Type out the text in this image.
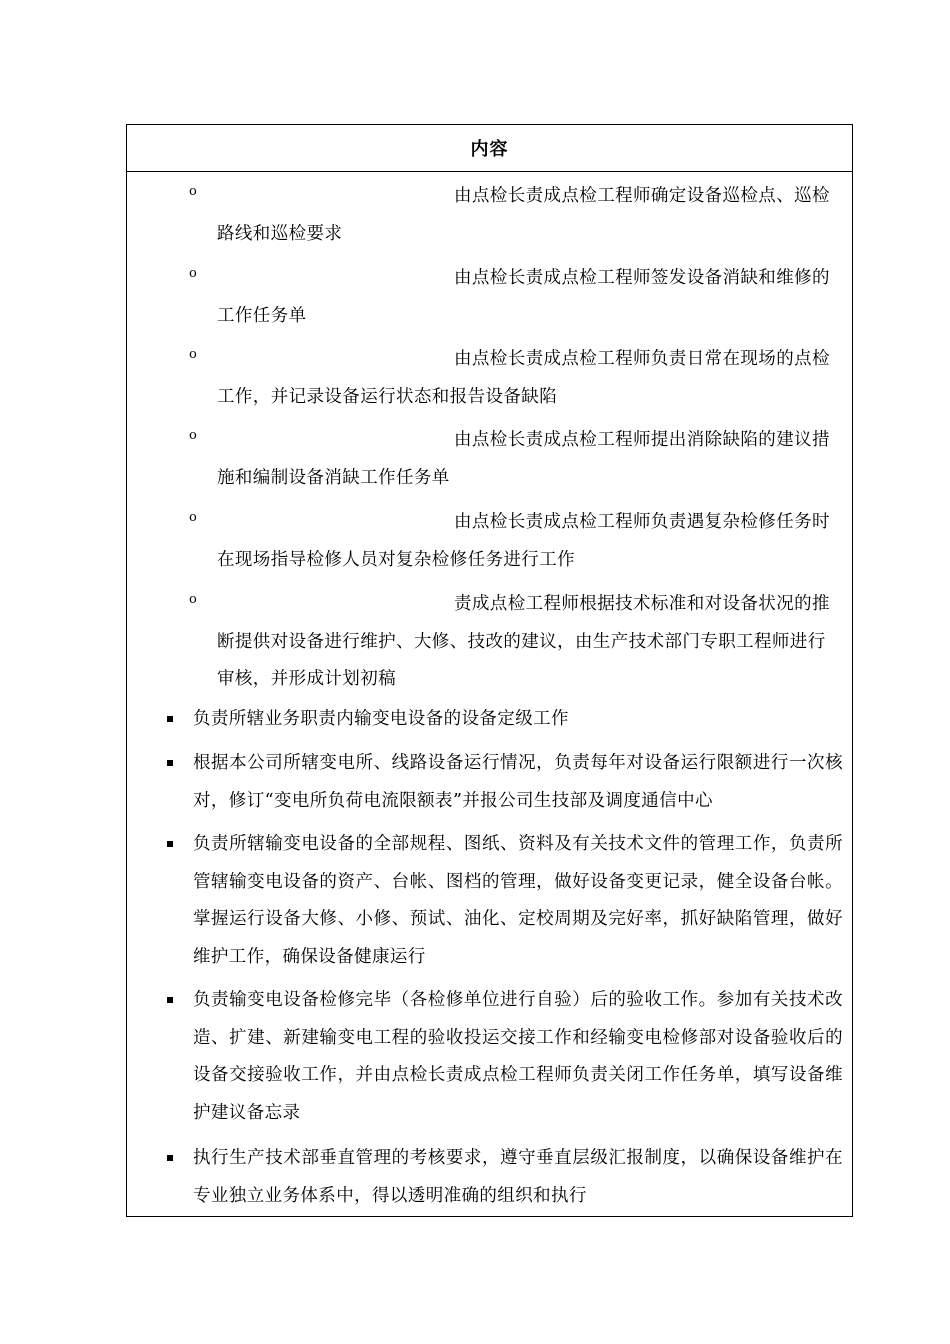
内容
o	由点检长责成点检工程师确定设备巡检点、巡检路线和巡检要求
o	由点检长责成点检工程师签发设备消缺和维修的工作任务单
o	由点检长责成点检工程师负责日常在现场的点检工作，并记录设备运行状态和报告设备缺陷
o	由点检长责成点检工程师提出消除缺陷的建议措施和编制设备消缺工作任务单
o	由点检长责成点检工程师负责遇复杂检修任务时在现场指导检修人员对复杂检修任务进行工作
o	责成点检工程师根据技术标准和对设备状况的推断提供对设备进行维护、大修、技改的建议，由生产技术部门专职工程师进行审核，并形成计划初稿
负责所辖业务职责内输变电设备的设备定级工作
根据本公司所辖变电所、线路设备运行情况，负责每年对设备运行限额进行一次核对，修订“变电所负荷电流限额表”并报公司生技部及调度通信中心
负责所辖输变电设备的全部规程、图纸、资料及有关技术文件的管理工作，负责所管辖输变电设备的资产、台帐、图档的管理，做好设备变更记录，健全设备台帐。掌握运行设备大修、小修、预试、油化、定校周期及完好率，抓好缺陷管理，做好维护工作，确保设备健康运行
负责输变电设备检修完毕（各检修单位进行自验）后的验收工作。参加有关技术改造、扩建、新建输变电工程的验收投运交接工作和经输变电检修部对设备验收后的设备交接验收工作，并由点检长责成点检工程师负责关闭工作任务单，填写设备维护建议备忘录
执行生产技术部垂直管理的考核要求，遵守垂直层级汇报制度，以确保设备维护在专业独立业务体系中，得以透明准确的组织和执行
